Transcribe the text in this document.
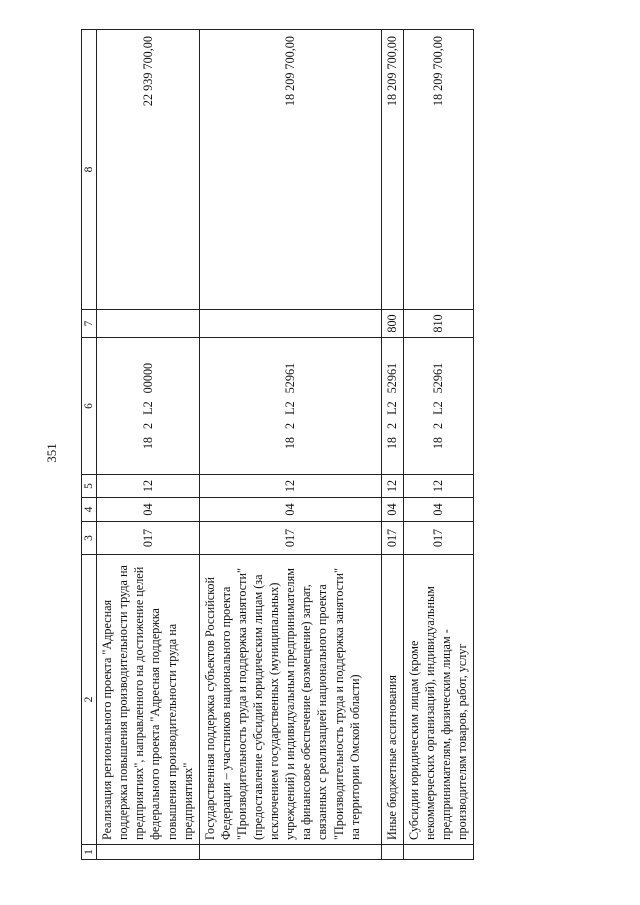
351
1	2	3	4	5	6	7	8
	Реализация регионального проекта "Адресная поддержка повышения производительности труда на предприятиях", направленного на достижение целей федерального проекта "Адресная поддержка повышения производительности труда на предприятиях"	017	04	12	182L200000		22 939 700,00
	Государственная поддержка субъектов Российской Федерации – участников национального проекта "Производительность труда и поддержка занятости" (предоставление субсидий юридическим лицам (за исключением государственных (муниципальных) учреждений) и индивидуальным предпринимателям на финансовое обеспечение (возмещение) затрат, связанных с реализацией национального проекта "Производительность труда и поддержка занятости" на территории Омской области)	017	04	12	182L252961		18 209 700,00
	Иные бюджетные ассигнования	017	04	12	182L252961	800	18 209 700,00
	Субсидии юридическим лицам (кроме некоммерческих организаций), индивидуальным предпринимателям, физическим лицам - производителям товаров, работ, услуг	017	04	12	182L252961	810	18 209 700,00
